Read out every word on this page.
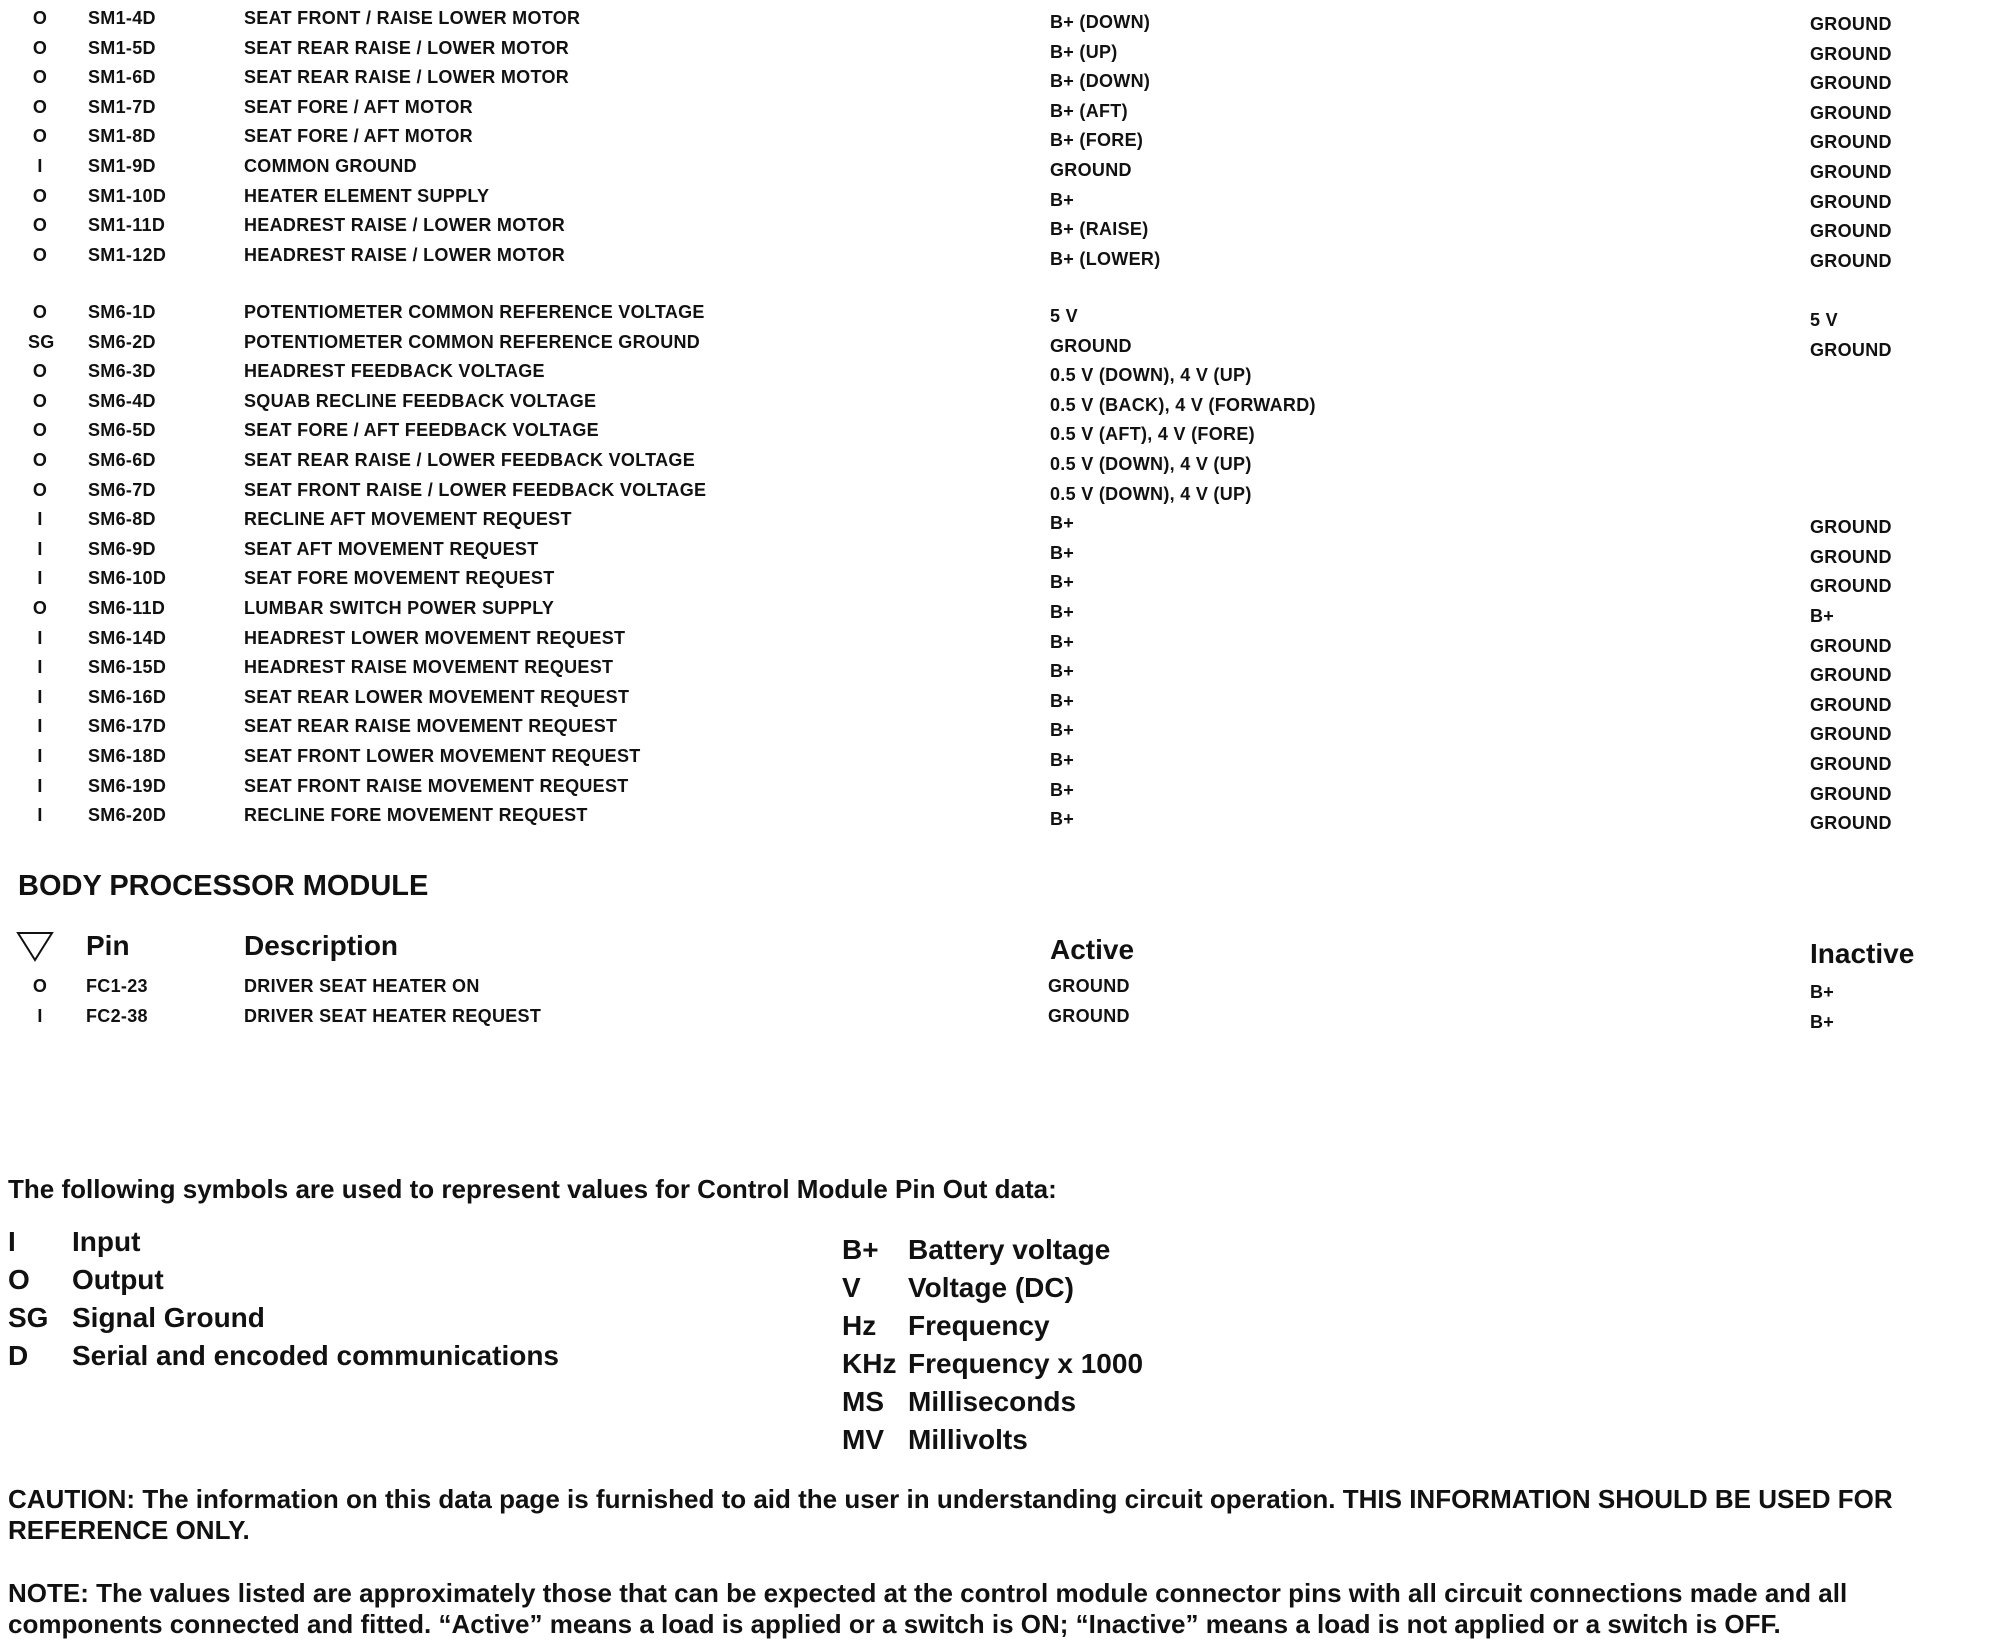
O SM1-4D	SEAT FRONT / RAISE LOWER MOTOR	B+ (DOWN)	GROUND
O SM1-5D	SEAT REAR RAISE / LOWER MOTOR	B+ (UP)	GROUND
O SM1-6D	SEAT REAR RAISE / LOWER MOTOR	B+ (DOWN)	GROUND
O SM1-7D	SEAT FORE / AFT MOTOR	B+ (AFT)	GROUND
O SM1-8D	SEAT FORE / AFT MOTOR	B+ (FORE)	GROUND
I	SM1-9D	COMMON GROUND	GROUND	GROUND
O SM1-10D	HEATER ELEMENT SUPPLY	B+	GROUND
O SM1-11D	HEADREST RAISE / LOWER MOTOR	B+ (RAISE)	GROUND
O SM1-12D	HEADREST RAISE / LOWER MOTOR	B+ (LOWER)	GROUND
O SM6-1D	POTENTIOMETER COMMON REFERENCE VOLTAGE	5 V	5 V
SG SM6-2D	POTENTIOMETER COMMON REFERENCE GROUND	GROUND	GROUND
O SM6-3D	HEADREST FEEDBACK VOLTAGE	0.5 V (DOWN), 4 V (UP)
O SM6-4D	SQUAB RECLINE FEEDBACK VOLTAGE	0.5 V (BACK), 4 V (FORWARD)
O SM6-5D	SEAT FORE / AFT FEEDBACK VOLTAGE	0.5 V (AFT), 4 V (FORE)
O SM6-6D	SEAT REAR RAISE / LOWER FEEDBACK VOLTAGE	0.5 V (DOWN), 4 V (UP)
O SM6-7D	SEAT FRONT RAISE / LOWER FEEDBACK VOLTAGE	0.5 V (DOWN), 4 V (UP)
I	SM6-8D	RECLINE AFT MOVEMENT REQUEST	B+	GROUND
I	SM6-9D	SEAT AFT MOVEMENT REQUEST	B+	GROUND
I	SM6-10D	SEAT FORE MOVEMENT REQUEST	B+	GROUND
O SM6-11D	LUMBAR SWITCH POWER SUPPLY	B+	B+
I	SM6-14D	HEADREST LOWER MOVEMENT REQUEST	B+	GROUND
I	SM6-15D	HEADREST RAISE MOVEMENT REQUEST	B+	GROUND
I	SM6-16D	SEAT REAR LOWER MOVEMENT REQUEST	B+	GROUND
I	SM6-17D	SEAT REAR RAISE MOVEMENT REQUEST	B+	GROUND
I	SM6-18D	SEAT FRONT LOWER MOVEMENT REQUEST	B+	GROUND
I	SM6-19D	SEAT FRONT RAISE MOVEMENT REQUEST	B+	GROUND
I	SM6-20D	RECLINE FORE MOVEMENT REQUEST	B+	GROUND
BODY PROCESSOR MODULE
Pin	Description	Active	Inactive
O FC1-23	DRIVER SEAT HEATER ON	GROUND	B+
I	FC2-38	DRIVER SEAT HEATER REQUEST	GROUND	B+
The following symbols are used to represent values for Control Module Pin Out data:
I Input
O Output
SG Signal Ground
D Serial and encoded communications
B+ Battery voltage
V Voltage (DC)
Hz Frequency
KHz Frequency x 1000
MS Milliseconds
MV Millivolts
CAUTION: The information on this data page is furnished to aid the user in understanding circuit operation. THIS INFORMATION SHOULD BE USED FOR REFERENCE ONLY.
NOTE: The values listed are approximately those that can be expected at the control module connector pins with all circuit connections made and all components connected and fitted. “Active” means a load is applied or a switch is ON; “Inactive” means a load is not applied or a switch is OFF.
